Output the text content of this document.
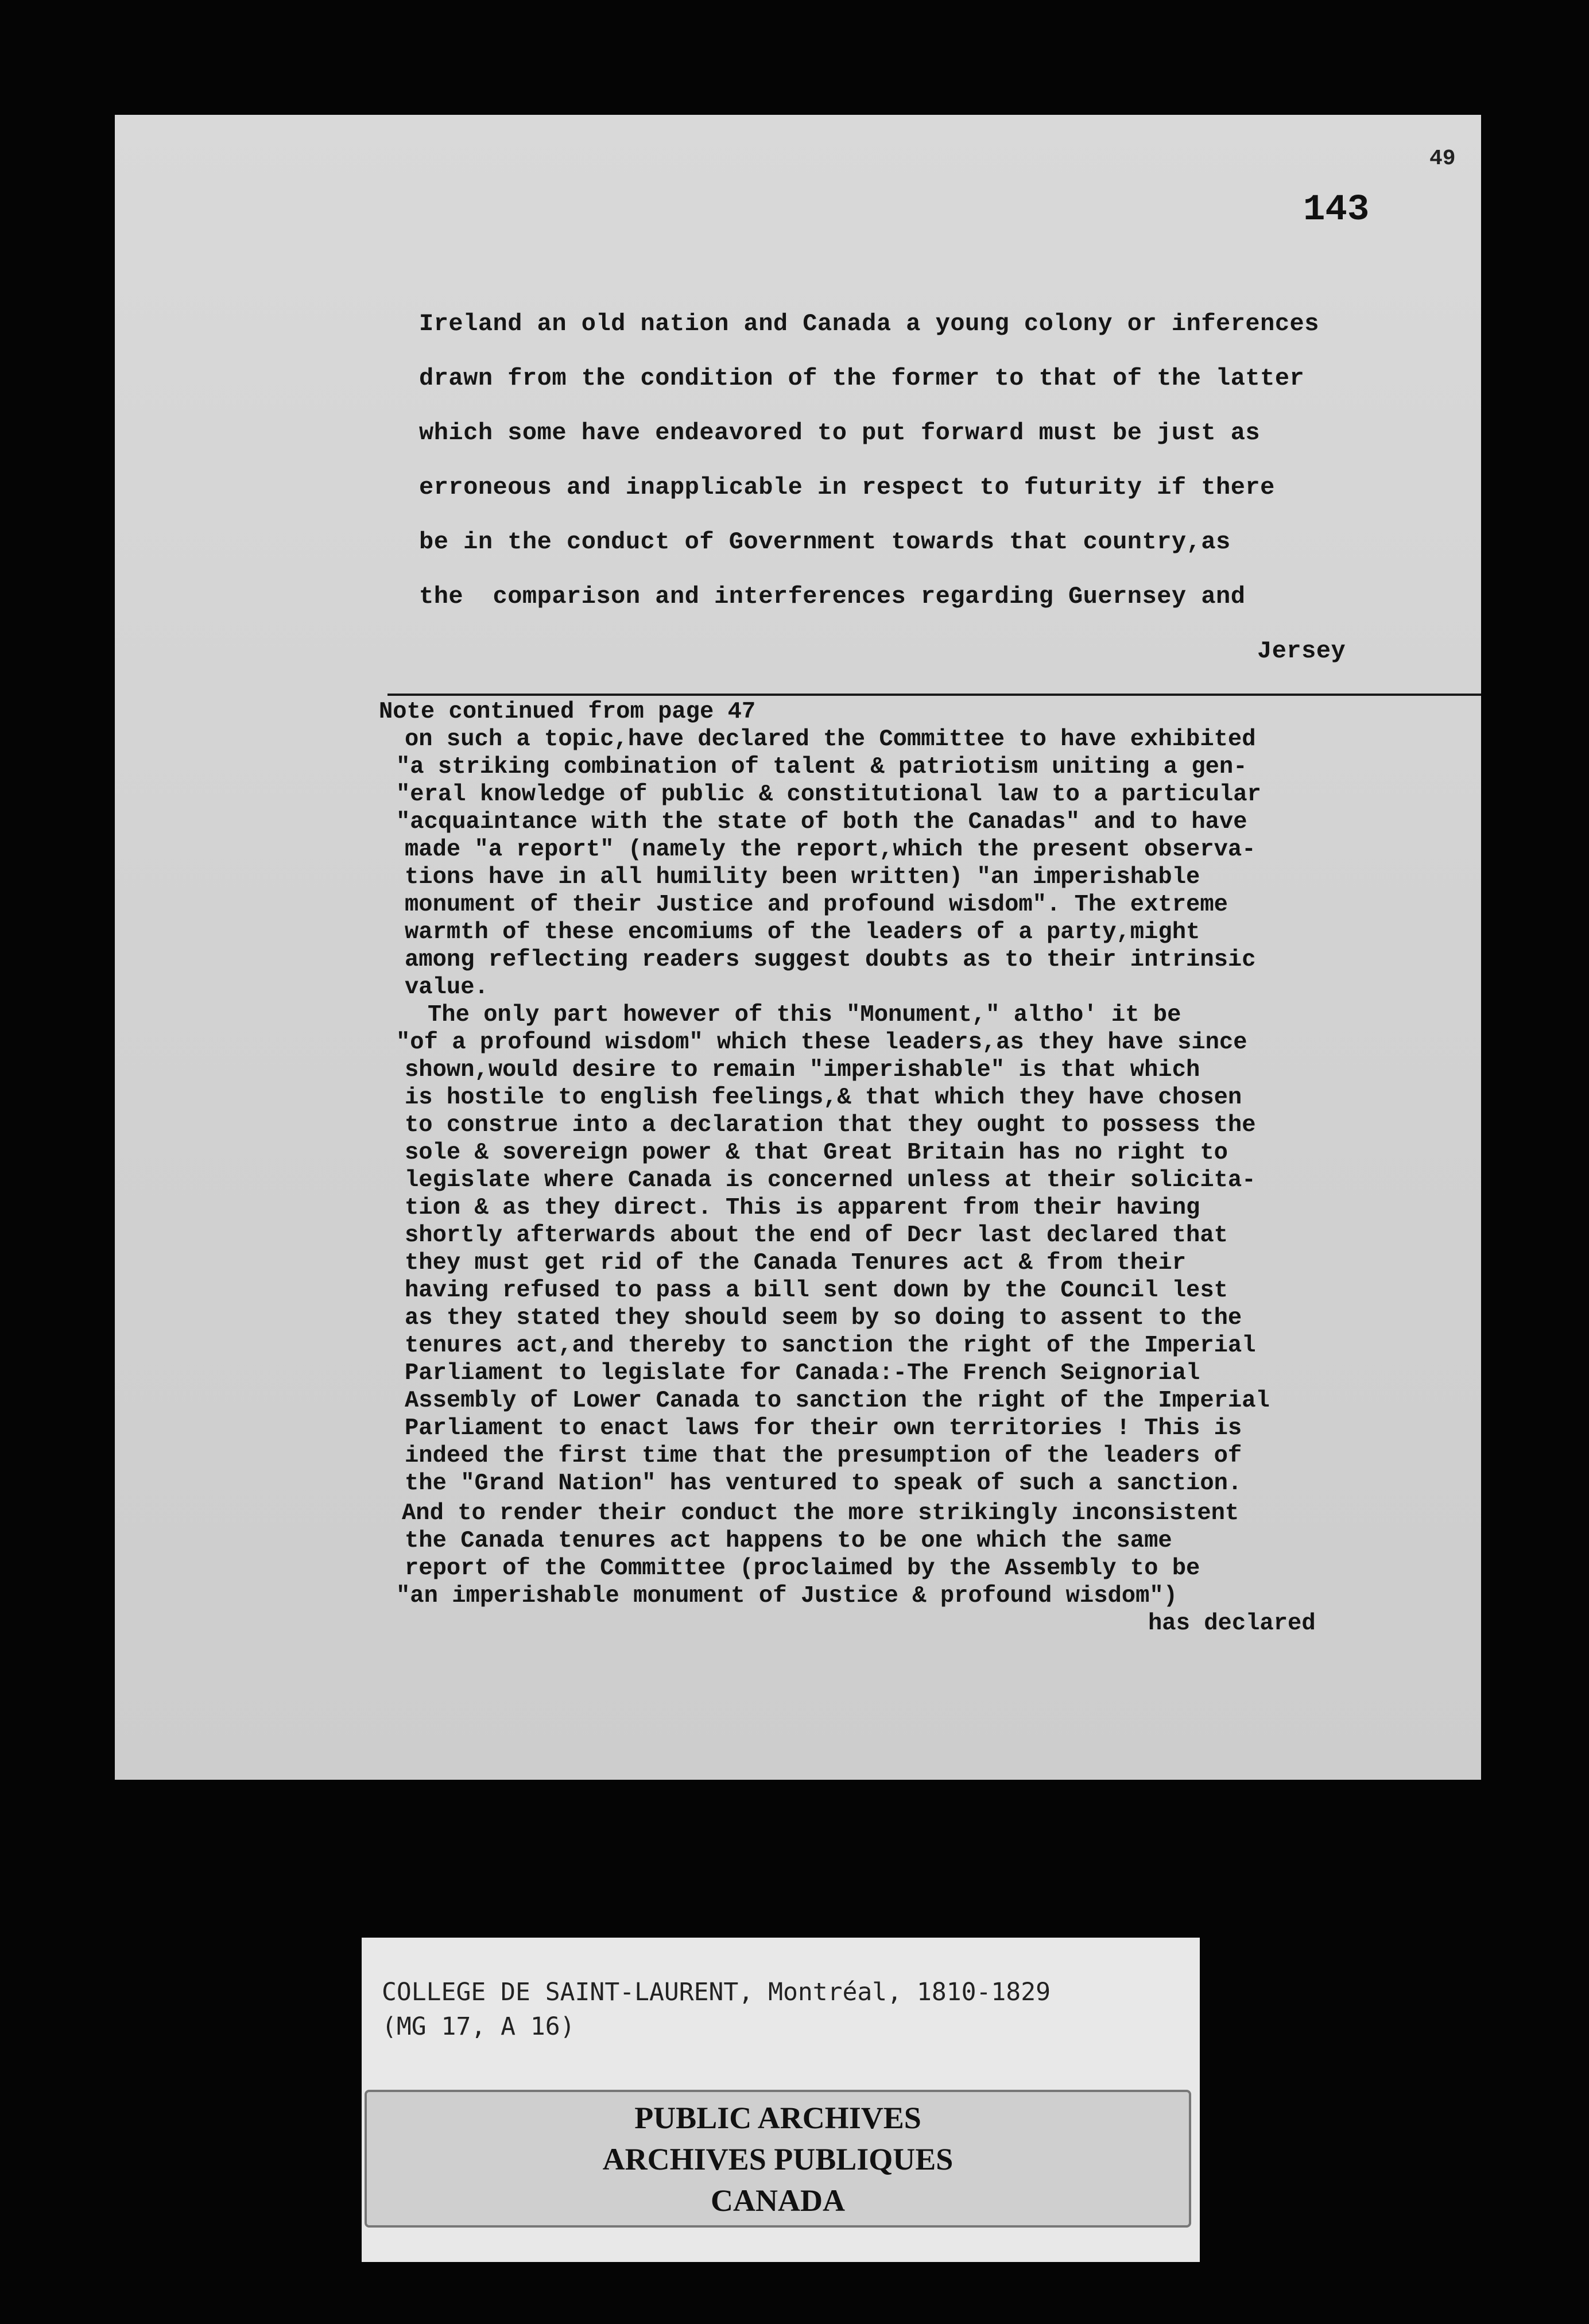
49
143
Ireland an old nation and Canada a young colony or inferences
drawn from the condition of the former to that of the latter
which some have endeavored to put forward must be just as
erroneous and inapplicable in respect to futurity if there
be in the conduct of Government towards that country,as
the  comparison and interferences regarding Guernsey and
Jersey
Note continued from page 47
on such a topic,have declared the Committee to have exhibited
"a striking combination of talent & patriotism uniting a gen-
"eral knowledge of public & constitutional law to a particular
"acquaintance with the state of both the Canadas" and to have
made "a report" (namely the report,which the present observa-
tions have in all humility been written) "an imperishable
monument of their Justice and profound wisdom". The extreme
warmth of these encomiums of the leaders of a party,might
among reflecting readers suggest doubts as to their intrinsic
value.
The only part however of this "Monument," altho' it be
"of a profound wisdom" which these leaders,as they have since
shown,would desire to remain "imperishable" is that which
is hostile to english feelings,& that which they have chosen
to construe into a declaration that they ought to possess the
sole & sovereign power & that Great Britain has no right to
legislate where Canada is concerned unless at their solicita-
tion & as they direct. This is apparent from their having
shortly afterwards about the end of Decr last declared that
they must get rid of the Canada Tenures act & from their
having refused to pass a bill sent down by the Council lest
as they stated they should seem by so doing to assent to the
tenures act,and thereby to sanction the right of the Imperial
Parliament to legislate for Canada:-The French Seignorial
Assembly of Lower Canada to sanction the right of the Imperial
Parliament to enact laws for their own territories ! This is
indeed the first time that the presumption of the leaders of
the "Grand Nation" has ventured to speak of such a sanction.
And to render their conduct the more strikingly inconsistent
the Canada tenures act happens to be one which the same
report of the Committee (proclaimed by the Assembly to be
"an imperishable monument of Justice & profound wisdom")
has declared
COLLEGE DE SAINT-LAURENT, Montréal, 1810-1829
(MG 17, A 16)
PUBLIC ARCHIVES
ARCHIVES PUBLIQUES
CANADA
